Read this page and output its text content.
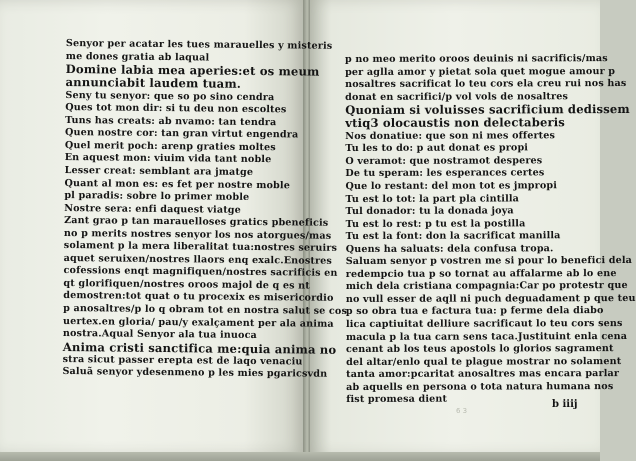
Senyor per acatar les tues marauelles y misteris
me dones gratia ab laqual
Domine labia mea aperies:et os meum
annunciabit laudem tuam.
Seny tu senyor: que so po sino cendra
Ques tot mon dir: si tu deu non escoltes
Tuns has creats: ab nvamo: tan tendra
Quen nostre cor: tan gran virtut engendra
Quel merit poch: arenp graties moltes
En aquest mon: viuim vida tant noble
Lesser creat: semblant ara jmatge
Quant al mon es: es fet per nostre moble
pl paradis: sobre lo primer moble
Nostre sera: enfi daquest viatge
Zant grao p tan marauelloses gratics pbeneficis
no p merits nostres senyor los nos atorgues/mas
solament p la mera liberalitat tua:nostres seruirs
aquet seruixen/nostres llaors enq exalc.Enostres
cofessions enqt magnifiquen/nostres sacrificis en
qt glorifiquen/nostres oroos majol de q es nt
demostren:tot quat o tu procexix es misericordio
p anosaltres/p lo q obram tot en nostra salut se cos
uertex.en gloria/ pau/y exalçament per ala anima
nostra.Aqual Senyor ala tua inuoca
Anima cristi sanctifica me:quia anima no
stra sicut passer erepta est de laqo venaciu
Saluã senyor ydesenmeno p les mies pgaricsvdn
p no meo merito oroos deuinis ni sacrificis/mas
per aglla amor y pietat sola quet mogue amour p
nosaltres sacrificat lo teu cors ela creu rui nos has
donat en sacrifici/p vol vols de nosaltres
Quoniam si voluisses sacrificium dedissem
vtiq3 olocaustis non delectaberis
Nos donatiue: que son ni mes offertes
Tu les to do: p aut donat es propi
O veramot: que nostramot desperes
De tu speram: les esperances certes
Que lo restant: del mon tot es jmpropi
Tu est lo tot: la part pla cintilla
Tul donador: tu la donada joya
Tu est lo rest: p tu est la postilla
Tu est la font: don la sacrificat manilla
Quens ha saluats: dela confusa tropa.
Saluam senyor p vostren me si pour lo benefici dela
redempcio tua p so tornat au affalarme ab lo ene
mich dela cristiana compagnia:Car po protestr que
no vull esser de aqll ni puch deguadament p que teu
p so obra tua e factura tua: p ferme dela diabo
lica captiuitat delliure sacrificaut lo teu cors sens
macula p la tua carn sens taca.Justituint enla cena
cenant ab los teus apostols lo glorios sagrament
del altar/enlo qual te plague mostrar no solament
tanta amor:pcaritat anosaltres mas encara parlar
ab aquells en persona o tota natura humana nos
fist promesa dient
6 3
b iiij
